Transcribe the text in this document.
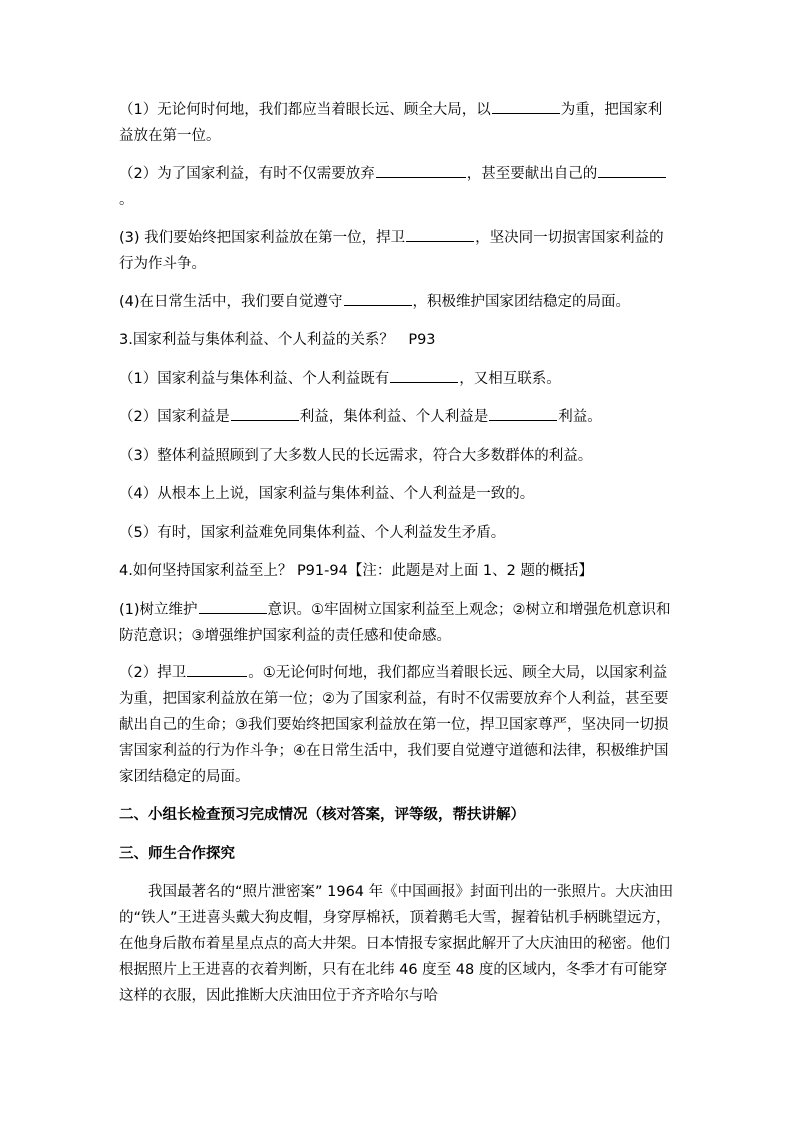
（1）无论何时何地，我们都应当着眼长远、顾全大局，以	为重，把国家利益放在第一位。
（2）为了国家利益，有时不仅需要放弃	，甚至要献出自己的。
(3) 我们要始终把国家利益放在第一位，捍卫	，坚决同一切损害国家利益的行为作斗争。
(4)在日常生活中，我们要自觉遵守	，积极维护国家团结稳定的局面。
3.国家利益与集体利益、个人利益的关系？　P93
（1）国家利益与集体利益、个人利益既有	，又相互联系。
（2）国家利益是	利益，集体利益、个人利益是	利益。
（3）整体利益照顾到了大多数人民的长远需求，符合大多数群体的利益。
（4）从根本上上说，国家利益与集体利益、个人利益是一致的。
（5）有时，国家利益难免同集体利益、个人利益发生矛盾。
4.如何坚持国家利益至上？ P91-94【注：此题是对上面 1、2 题的概括】
(1)树立维护	意识。①牢固树立国家利益至上观念；②树立和增强危机意识和防范意识；③增强维护国家利益的责任感和使命感。
（2）捍卫	。①无论何时何地，我们都应当着眼长远、顾全大局，以国家利益为重，把国家利益放在第一位；②为了国家利益，有时不仅需要放弃个人利益，甚至要献出自己的生命；③我们要始终把国家利益放在第一位，捍卫国家尊严，坚决同一切损害国家利益的行为作斗争；④在日常生活中，我们要自觉遵守道德和法律，积极维护国家团结稳定的局面。
二、小组长检查预习完成情况（核对答案，评等级，帮扶讲解）
三、师生合作探究
我国最著名的“照片泄密案” 1964 年《中国画报》封面刊出的一张照片。大庆油田的“铁人”王进喜头戴大狗皮帽，身穿厚棉袄，顶着鹅毛大雪，握着钻机手柄眺望远方，在他身后散布着星星点点的高大井架。日本情报专家据此解开了大庆油田的秘密。他们根据照片上王进喜的衣着判断，只有在北纬 46 度至 48 度的区域内，冬季才有可能穿这样的衣服，因此推断大庆油田位于齐齐哈尔与哈
